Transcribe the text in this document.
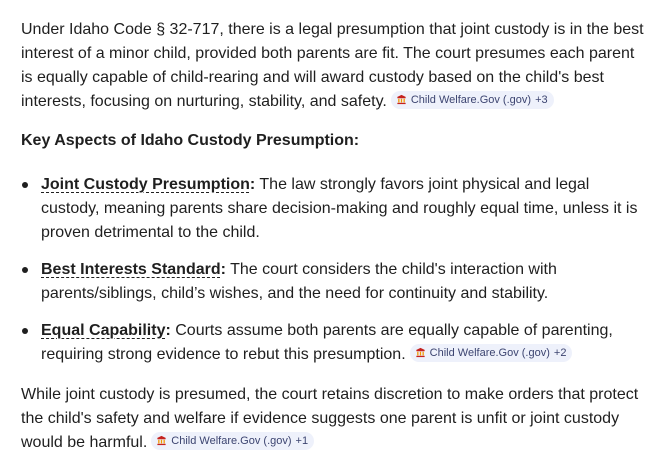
Under Idaho Code § 32-717, there is a legal presumption that joint custody is in the best interest of a minor child, provided both parents are fit. The court presumes each parent is equally capable of child-rearing and will award custody based on the child's best interests, focusing on nurturing, stability, and safety. Child Welfare.Gov (.gov) +3

Key Aspects of Idaho Custody Presumption:
Joint Custody Presumption: The law strongly favors joint physical and legal custody, meaning parents share decision-making and roughly equal time, unless it is proven detrimental to the child.
Best Interests Standard: The court considers the child's interaction with parents/siblings, child’s wishes, and the need for continuity and stability.
Equal Capability: Courts assume both parents are equally capable of parenting, requiring strong evidence to rebut this presumption. Child Welfare.Gov (.gov) +2

While joint custody is presumed, the court retains discretion to make orders that protect the child's safety and welfare if evidence suggests one parent is unfit or joint custody would be harmful. Child Welfare.Gov (.gov) +1
